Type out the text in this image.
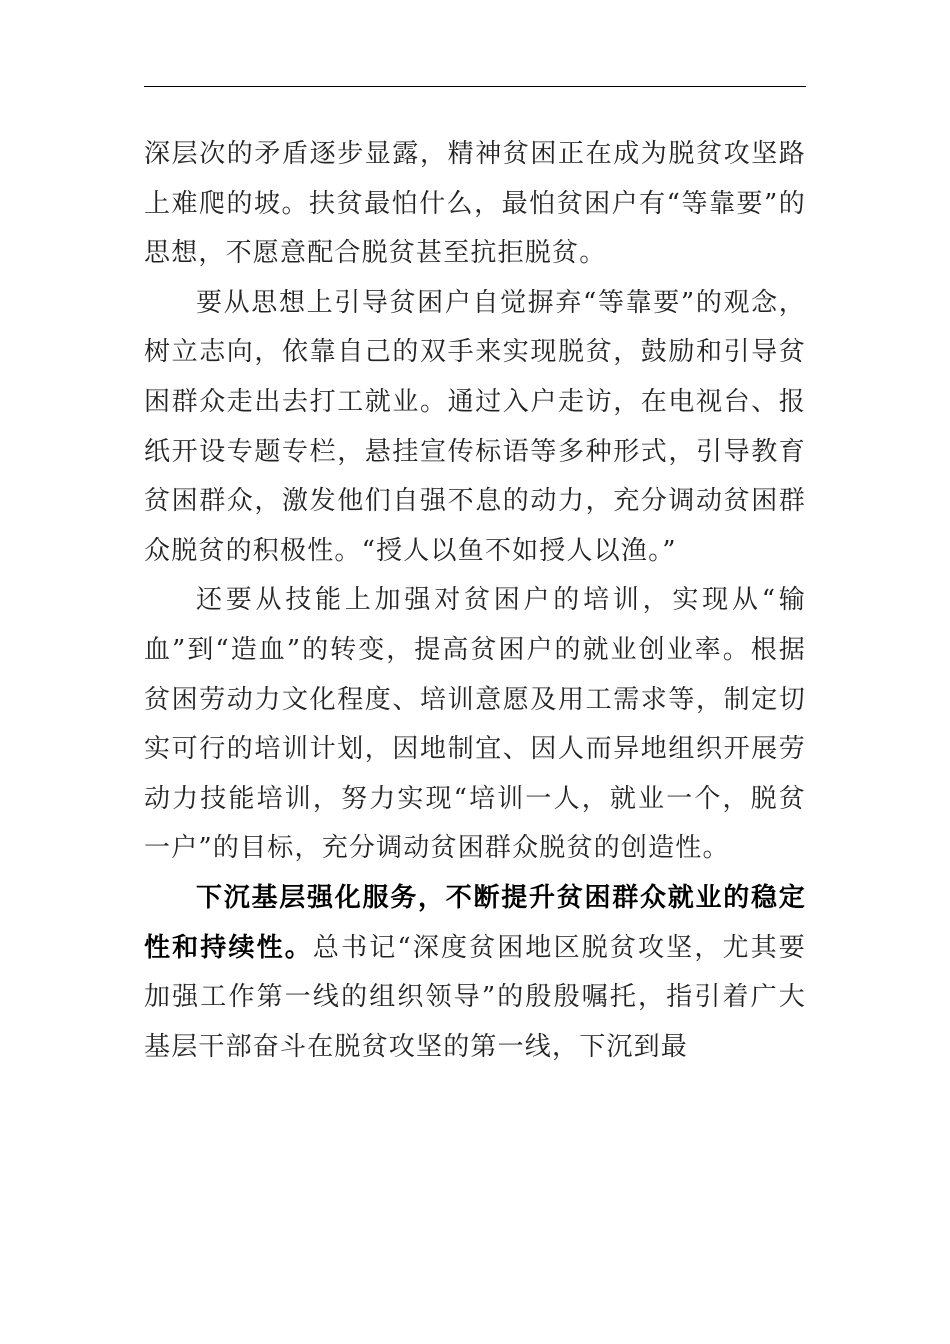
深层次的矛盾逐步显露，精神贫困正在成为脱贫攻坚路上难爬的坡。扶贫最怕什么，最怕贫困户有“等靠要”的思想，不愿意配合脱贫甚至抗拒脱贫。

要从思想上引导贫困户自觉摒弃“等靠要”的观念，树立志向，依靠自己的双手来实现脱贫，鼓励和引导贫困群众走出去打工就业。通过入户走访，在电视台、报纸开设专题专栏，悬挂宣传标语等多种形式，引导教育贫困群众，激发他们自强不息的动力，充分调动贫困群众脱贫的积极性。“授人以鱼不如授人以渔。”

还要从技能上加强对贫困户的培训，实现从“输血”到“造血”的转变，提高贫困户的就业创业率。根据贫困劳动力文化程度、培训意愿及用工需求等，制定切实可行的培训计划，因地制宜、因人而异地组织开展劳动力技能培训，努力实现“培训一人，就业一个，脱贫一户”的目标，充分调动贫困群众脱贫的创造性。

下沉基层强化服务，不断提升贫困群众就业的稳定性和持续性。总书记“深度贫困地区脱贫攻坚，尤其要加强工作第一线的组织领导”的殷殷嘱托，指引着广大基层干部奋斗在脱贫攻坚的第一线，下沉到最
